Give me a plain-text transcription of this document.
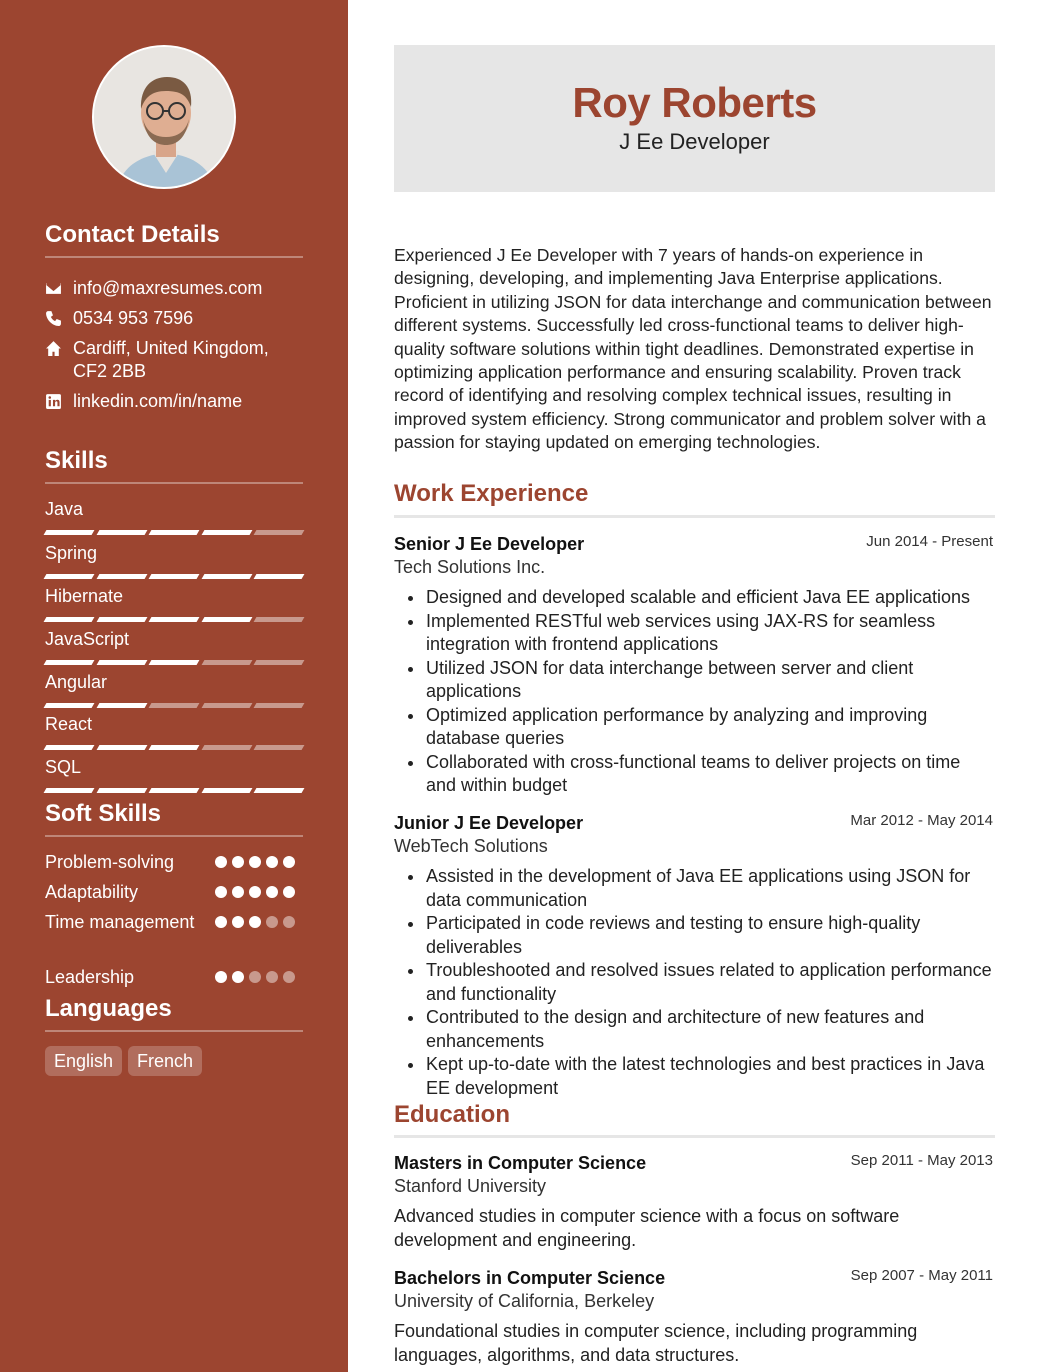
Contact Details
info@maxresumes.com
0534 953 7596
Cardiff, United Kingdom,
CF2 2BB
linkedin.com/in/name
Skills
Java
Spring
Hibernate
JavaScript
Angular
React
SQL
Soft Skills
Problem-solving
Adaptability
Time management
Leadership
Languages
English	French
Roy Roberts
J Ee Developer
Experienced J Ee Developer with 7 years of hands-on experience in designing, developing, and implementing Java Enterprise applications. Proficient in utilizing JSON for data interchange and communication between different systems. Successfully led cross-functional teams to deliver high-quality software solutions within tight deadlines. Demonstrated expertise in optimizing application performance and ensuring scalability. Proven track record of identifying and resolving complex technical issues, resulting in improved system efficiency. Strong communicator and problem solver with a passion for staying updated on emerging technologies.
Work Experience
Senior J Ee Developer	Jun 2014 - Present
Tech Solutions Inc.
Designed and developed scalable and efficient Java EE applications
Implemented RESTful web services using JAX-RS for seamless integration with frontend applications
Utilized JSON for data interchange between server and client applications
Optimized application performance by analyzing and improving database queries
Collaborated with cross-functional teams to deliver projects on time and within budget
Junior J Ee Developer	Mar 2012 - May 2014
WebTech Solutions
Assisted in the development of Java EE applications using JSON for data communication
Participated in code reviews and testing to ensure high-quality deliverables
Troubleshooted and resolved issues related to application performance and functionality
Contributed to the design and architecture of new features and enhancements
Kept up-to-date with the latest technologies and best practices in Java EE development
Education
Masters in Computer Science	Sep 2011 - May 2013
Stanford University
Advanced studies in computer science with a focus on software development and engineering.
Bachelors in Computer Science	Sep 2007 - May 2011
University of California, Berkeley
Foundational studies in computer science, including programming languages, algorithms, and data structures.
